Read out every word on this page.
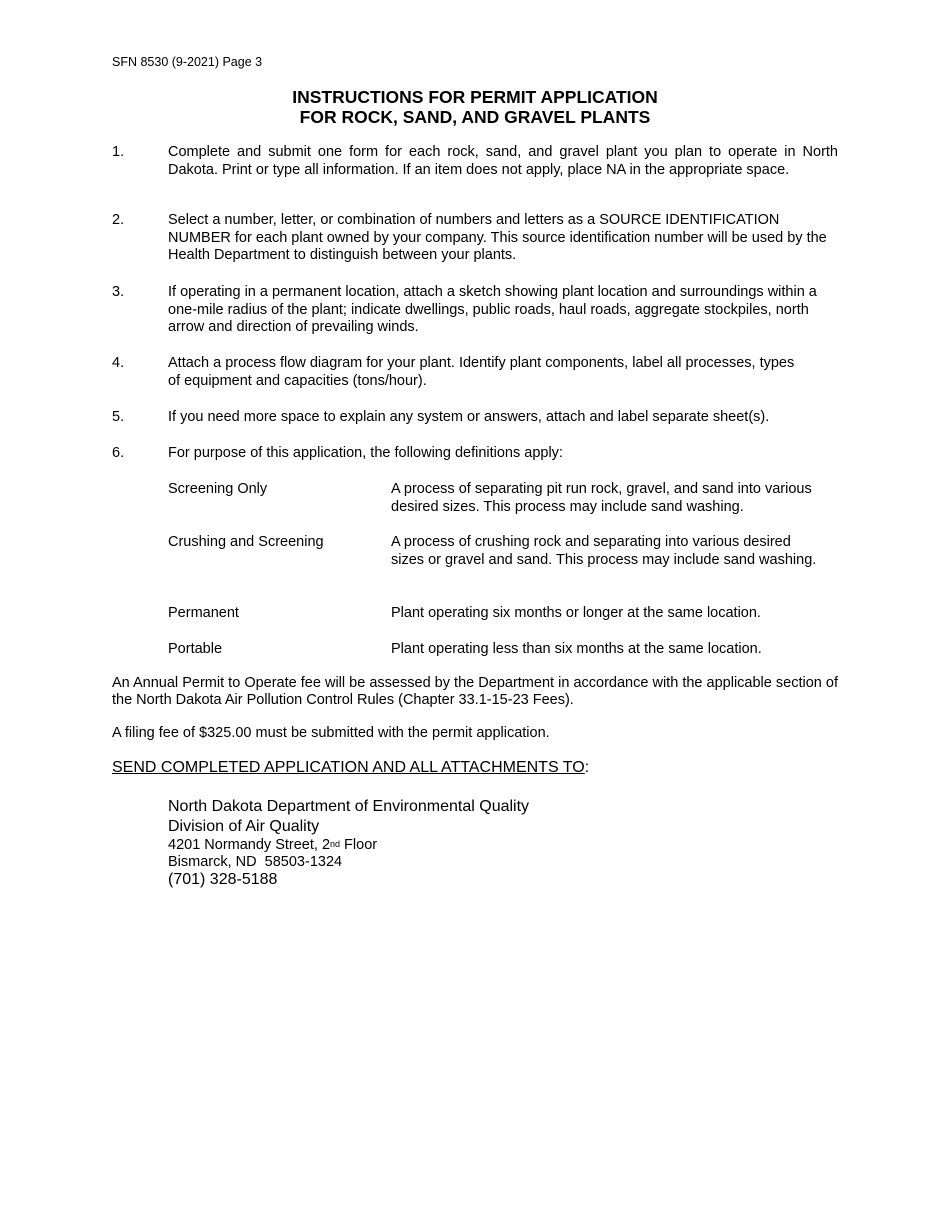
SFN 8530 (9-2021) Page 3
INSTRUCTIONS FOR PERMIT APPLICATION
FOR ROCK, SAND, AND GRAVEL PLANTS
1.	Complete and submit one form for each rock, sand, and gravel plant you plan to operate in North Dakota. Print or type all information. If an item does not apply, place NA in the appropriate space.
2.	Select a number, letter, or combination of numbers and letters as a SOURCE IDENTIFICATION NUMBER for each plant owned by your company. This source identification number will be used by the Health Department to distinguish between your plants.
3.	If operating in a permanent location, attach a sketch showing plant location and surroundings within a one-mile radius of the plant; indicate dwellings, public roads, haul roads, aggregate stockpiles, north arrow and direction of prevailing winds.
4.	Attach a process flow diagram for your plant. Identify plant components, label all processes, types of equipment and capacities (tons/hour).
5.	If you need more space to explain any system or answers, attach and label separate sheet(s).
6.	For purpose of this application, the following definitions apply:
Screening Only	A process of separating pit run rock, gravel, and sand into various desired sizes. This process may include sand washing.
Crushing and Screening	A process of crushing rock and separating into various desired sizes or gravel and sand. This process may include sand washing.
Permanent	Plant operating six months or longer at the same location.
Portable	Plant operating less than six months at the same location.
An Annual Permit to Operate fee will be assessed by the Department in accordance with the applicable section of the North Dakota Air Pollution Control Rules (Chapter 33.1-15-23 Fees).
A filing fee of $325.00 must be submitted with the permit application.
SEND COMPLETED APPLICATION AND ALL ATTACHMENTS TO:
North Dakota Department of Environmental Quality
Division of Air Quality
4201 Normandy Street, 2nd Floor
Bismarck, ND  58503-1324
(701) 328-5188
